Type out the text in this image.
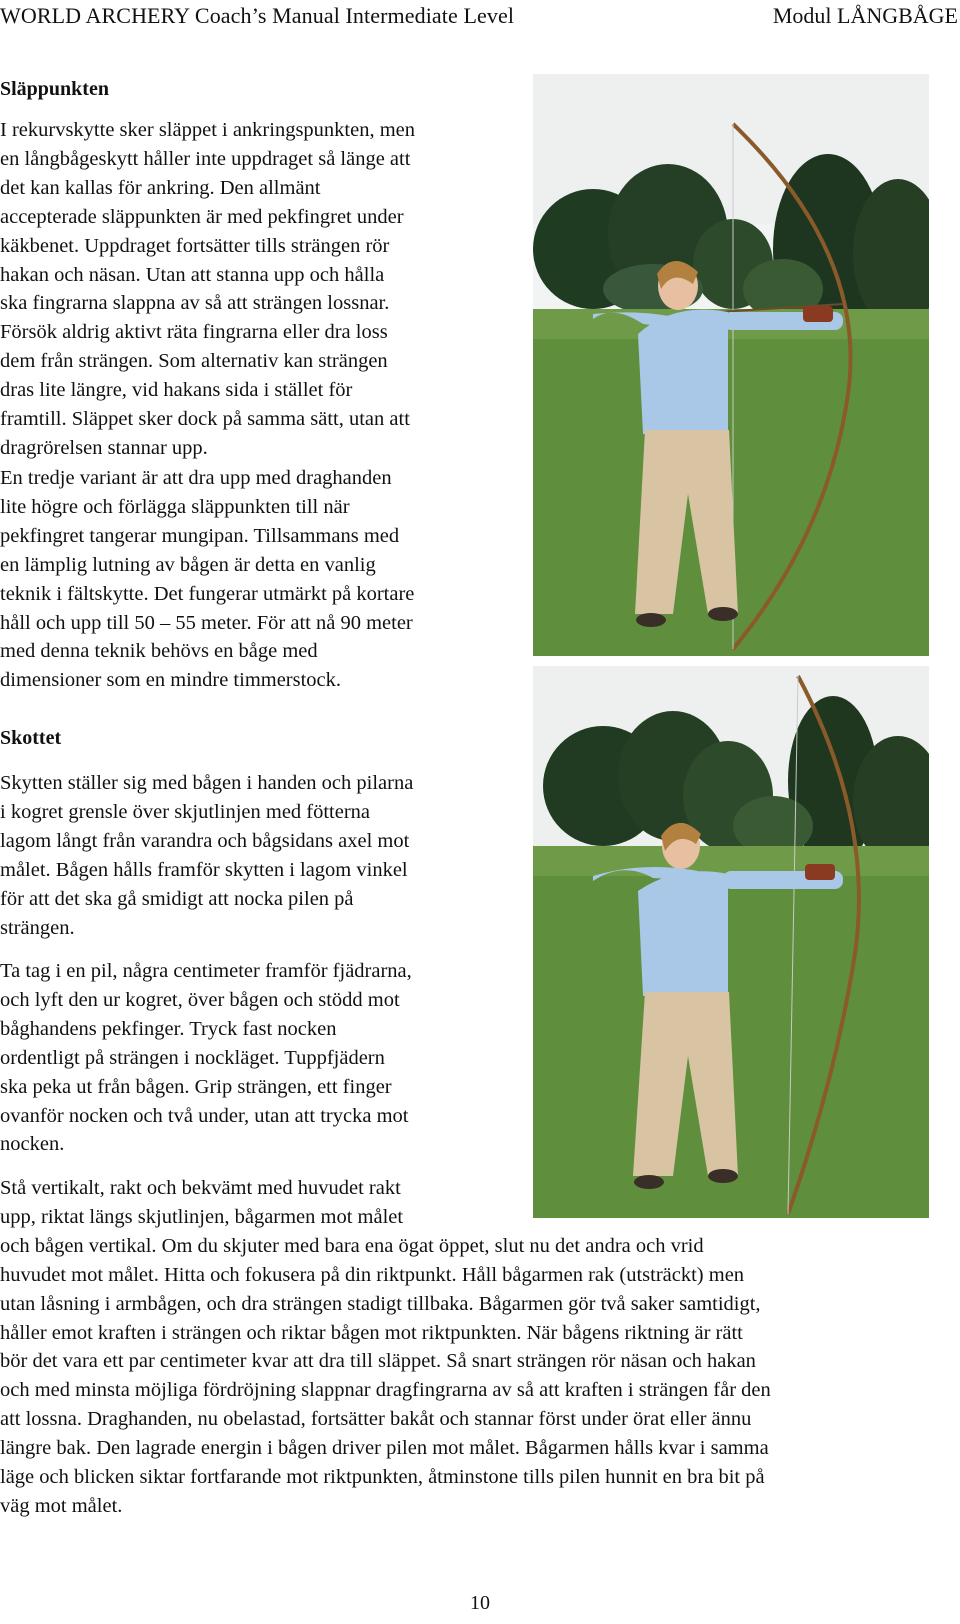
WORLD ARCHERY Coach’s Manual Intermediate Level	Modul LÅNGBÅGE
Släppunkten
I rekurvskytte sker släppet i ankringspunkten, men
en långbågeskytt håller inte uppdraget så länge att
det kan kallas för ankring. Den allmänt
accepterade släppunkten är med pekfingret under
käkbenet. Uppdraget fortsätter tills strängen rör
hakan och näsan. Utan att stanna upp och hålla
ska fingrarna slappna av så att strängen lossnar.
Försök aldrig aktivt räta fingrarna eller dra loss
dem från strängen. Som alternativ kan strängen
dras lite längre, vid hakans sida i stället för
framtill. Släppet sker dock på samma sätt, utan att
dragrörelsen stannar upp.
En tredje variant är att dra upp med draghanden
lite högre och förlägga släppunkten till när
pekfingret tangerar mungipan. Tillsammans med
en lämplig lutning av bågen är detta en vanlig
teknik i fältskytte. Det fungerar utmärkt på kortare
håll och upp till 50 – 55 meter. För att nå 90 meter
med denna teknik behövs en båge med
dimensioner som en mindre timmerstock.
Skottet
Skytten ställer sig med bågen i handen och pilarna
i kogret grensle över skjutlinjen med fötterna
lagom långt från varandra och bågsidans axel mot
målet. Bågen hålls framför skytten i lagom vinkel
för att det ska gå smidigt att nocka pilen på
strängen.
Ta tag i en pil, några centimeter framför fjädrarna,
och lyft den ur kogret, över bågen och stödd mot
båghandens pekfinger. Tryck fast nocken
ordentligt på strängen i nockläget. Tuppfjädern
ska peka ut från bågen. Grip strängen, ett finger
ovanför nocken och två under, utan att trycka mot
nocken.
Stå vertikalt, rakt och bekvämt med huvudet rakt
upp, riktat längs skjutlinjen, bågarmen mot målet
och bågen vertikal. Om du skjuter med bara ena ögat öppet, slut nu det andra och vrid
huvudet mot målet. Hitta och fokusera på din riktpunkt. Håll bågarmen rak (utsträckt) men
utan låsning i armbågen, och dra strängen stadigt tillbaka. Bågarmen gör två saker samtidigt,
håller emot kraften i strängen och riktar bågen mot riktpunkten. När bågens riktning är rätt
bör det vara ett par centimeter kvar att dra till släppet. Så snart strängen rör näsan och hakan
och med minsta möjliga fördröjning slappnar dragfingrarna av så att kraften i strängen får den
att lossna. Draghanden, nu obelastad, fortsätter bakåt och stannar först under örat eller ännu
längre bak. Den lagrade energin i bågen driver pilen mot målet. Bågarmen hålls kvar i samma
läge och blicken siktar fortfarande mot riktpunkten, åtminstone tills pilen hunnit en bra bit på
väg mot målet.
10
